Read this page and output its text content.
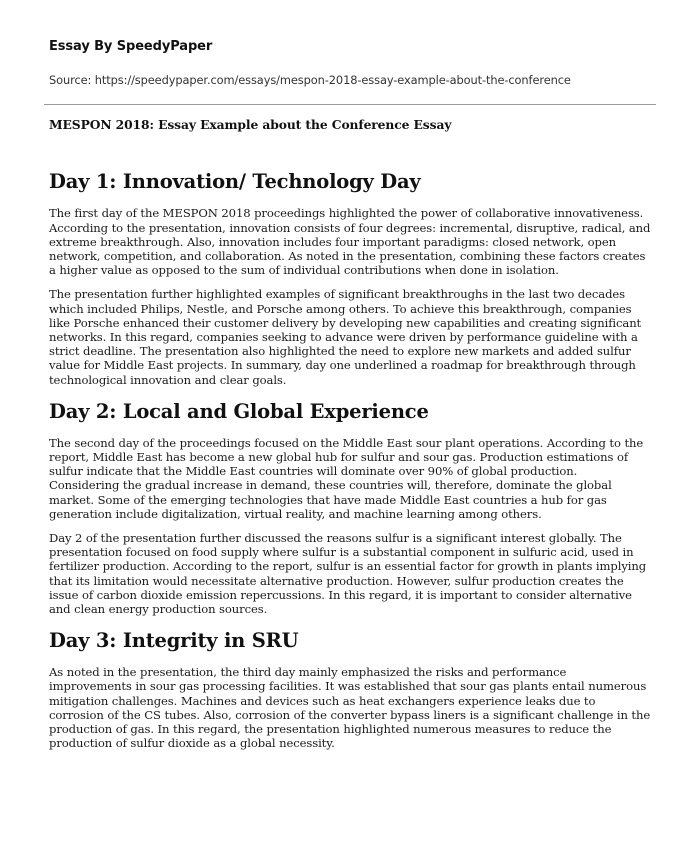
Essay By SpeedyPaper

Source: https://speedypaper.com/essays/mespon-2018-essay-example-about-the-conference

MESPON 2018: Essay Example about the Conference Essay
Day 1: Innovation/ Technology Day

The first day of the MESPON 2018 proceedings highlighted the power of collaborative innovativeness. According to the presentation, innovation consists of four degrees: incremental, disruptive, radical, and extreme breakthrough. Also, innovation includes four important paradigms: closed network, open network, competition, and collaboration. As noted in the presentation, combining these factors creates a higher value as opposed to the sum of individual contributions when done in isolation.

The presentation further highlighted examples of significant breakthroughs in the last two decades which included Philips, Nestle, and Porsche among others. To achieve this breakthrough, companies like Porsche enhanced their customer delivery by developing new capabilities and creating significant networks. In this regard, companies seeking to advance were driven by performance guideline with a strict deadline. The presentation also highlighted the need to explore new markets and added sulfur value for Middle East projects. In summary, day one underlined a roadmap for breakthrough through technological innovation and clear goals.

Day 2: Local and Global Experience

The second day of the proceedings focused on the Middle East sour plant operations. According to the report, Middle East has become a new global hub for sulfur and sour gas. Production estimations of sulfur indicate that the Middle East countries will dominate over 90% of global production. Considering the gradual increase in demand, these countries will, therefore, dominate the global market. Some of the emerging technologies that have made Middle East countries a hub for gas generation include digitalization, virtual reality, and machine learning among others.

Day 2 of the presentation further discussed the reasons sulfur is a significant interest globally. The presentation focused on food supply where sulfur is a substantial component in sulfuric acid, used in fertilizer production. According to the report, sulfur is an essential factor for growth in plants implying that its limitation would necessitate alternative production. However, sulfur production creates the issue of carbon dioxide emission repercussions. In this regard, it is important to consider alternative and clean energy production sources.

Day 3: Integrity in SRU

As noted in the presentation, the third day mainly emphasized the risks and performance improvements in sour gas processing facilities. It was established that sour gas plants entail numerous mitigation challenges. Machines and devices such as heat exchangers experience leaks due to corrosion of the CS tubes. Also, corrosion of the converter bypass liners is a significant challenge in the production of gas. In this regard, the presentation highlighted numerous measures to reduce the production of sulfur dioxide as a global necessity.
